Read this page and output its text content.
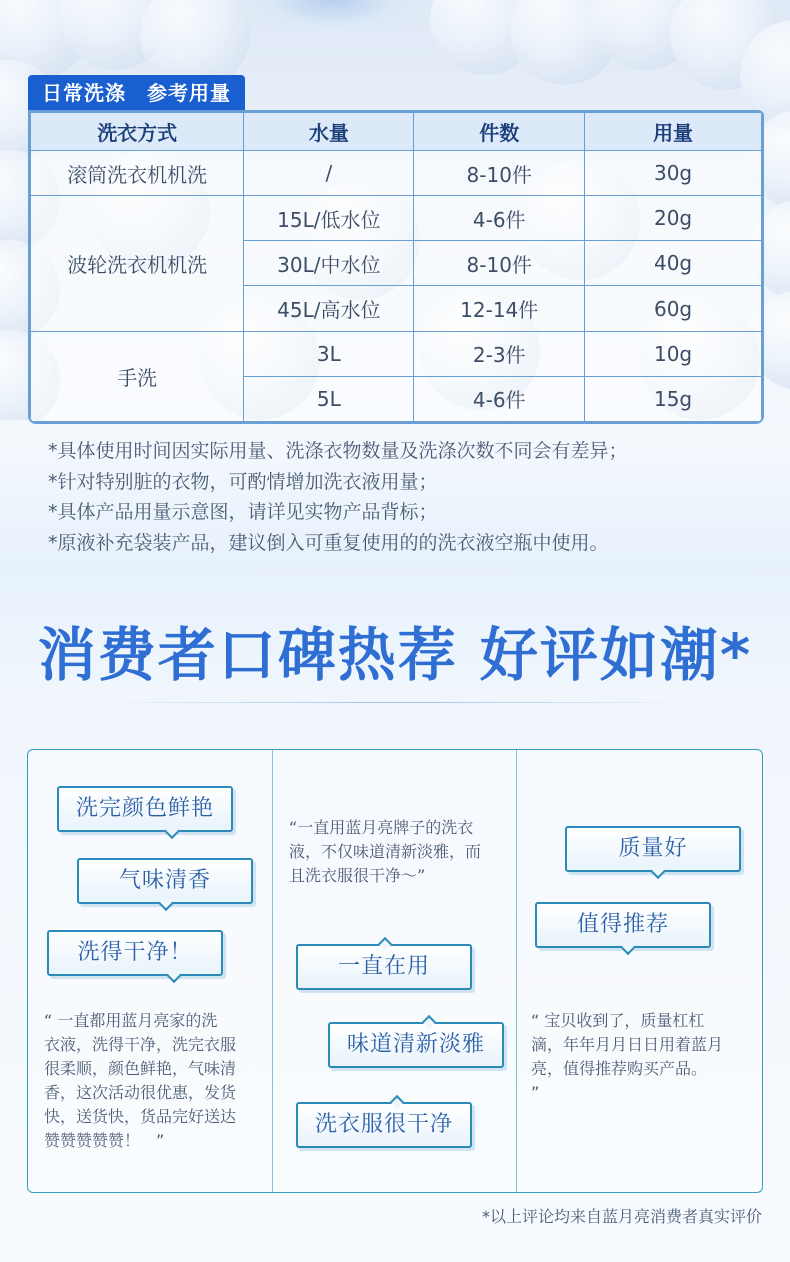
日常洗涤　参考用量
洗衣方式	水量	件数	用量
滚筒洗衣机机洗	/	8-10件	30g
波轮洗衣机机洗	15L/低水位	4-6件	20g
	30L/中水位	8-10件	40g
	45L/高水位	12-14件	60g
手洗	3L	2-3件	10g
	5L	4-6件	15g
*具体使用时间因实际用量、洗涤衣物数量及洗涤次数不同会有差异；
*针对特别脏的衣物，可酌情增加洗衣液用量；
*具体产品用量示意图，请详见实物产品背标；
*原液补充袋装产品，建议倒入可重复使用的的洗衣液空瓶中使用。
消费者口碑热荐 好评如潮*
洗完颜色鲜艳
气味清香
洗得干净！
“ 一直都用蓝月亮家的洗
衣液，洗得干净，洗完衣服
很柔顺，颜色鲜艳，气味清
香，这次活动很优惠，发货
快，送货快，货品完好送达
赞赞赞赞赞！　”
“一直用蓝月亮牌子的洗衣
液，不仅味道清新淡雅，而
且洗衣服很干净～”
一直在用
味道清新淡雅
洗衣服很干净
质量好
值得推荐
“ 宝贝收到了，质量杠杠
滴，年年月月日日用着蓝月
亮，值得推荐购买产品。
”
*以上评论均来自蓝月亮消费者真实评价
